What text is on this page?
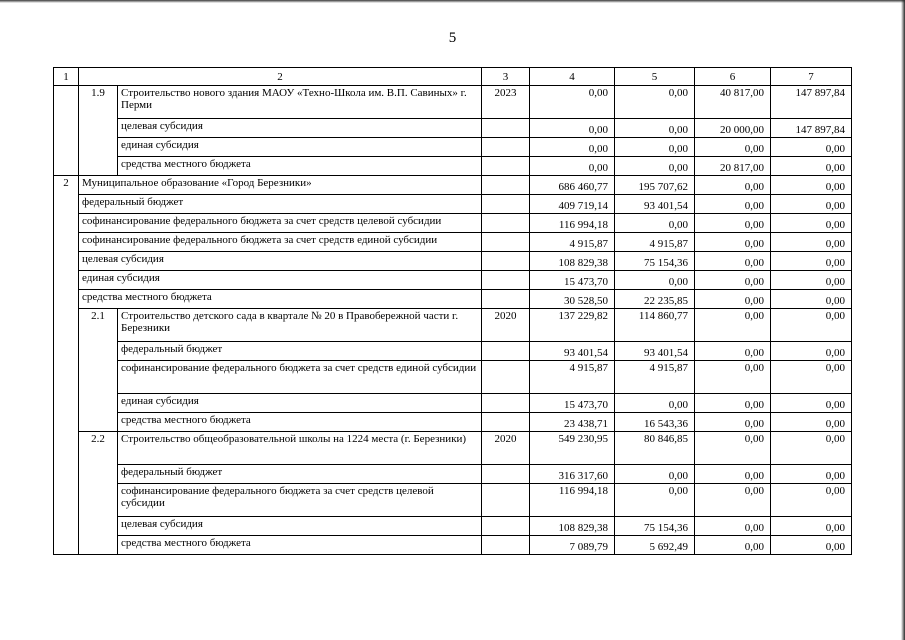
5
1	2		3	4	5	6	7
	1.9	Строительство нового здания МАОУ «Техно-Школа им. В.П. Савиных» г. Перми	2023	0,00	0,00	40 817,00	147 897,84
		целевая субсидия		0,00	0,00	20 000,00	147 897,84
		единая субсидия		0,00	0,00	0,00	0,00
		средства местного бюджета		0,00	0,00	20 817,00	0,00
2	Муниципальное образование «Город Березники»			686 460,77	195 707,62	0,00	0,00
	федеральный бюджет			409 719,14	93 401,54	0,00	0,00
	софинансирование федерального бюджета за счет средств целевой субсидии			116 994,18	0,00	0,00	0,00
	софинансирование федерального бюджета за счет средств единой субсидии			4 915,87	4 915,87	0,00	0,00
	целевая субсидия			108 829,38	75 154,36	0,00	0,00
	единая субсидия			15 473,70	0,00	0,00	0,00
	средства местного бюджета			30 528,50	22 235,85	0,00	0,00
	2.1	Строительство детского сада в квартале № 20 в Правобережной части г. Березники	2020	137 229,82	114 860,77	0,00	0,00
		федеральный бюджет		93 401,54	93 401,54	0,00	0,00
		софинансирование федерального бюджета за счет средств единой субсидии		4 915,87	4 915,87	0,00	0,00
		единая субсидия		15 473,70	0,00	0,00	0,00
		средства местного бюджета		23 438,71	16 543,36	0,00	0,00
	2.2	Строительство общеобразовательной школы на 1224 места (г. Березники)	2020	549 230,95	80 846,85	0,00	0,00
		федеральный бюджет		316 317,60	0,00	0,00	0,00
		софинансирование федерального бюджета за счет средств целевой субсидии		116 994,18	0,00	0,00	0,00
		целевая субсидия		108 829,38	75 154,36	0,00	0,00
		средства местного бюджета		7 089,79	5 692,49	0,00	0,00
